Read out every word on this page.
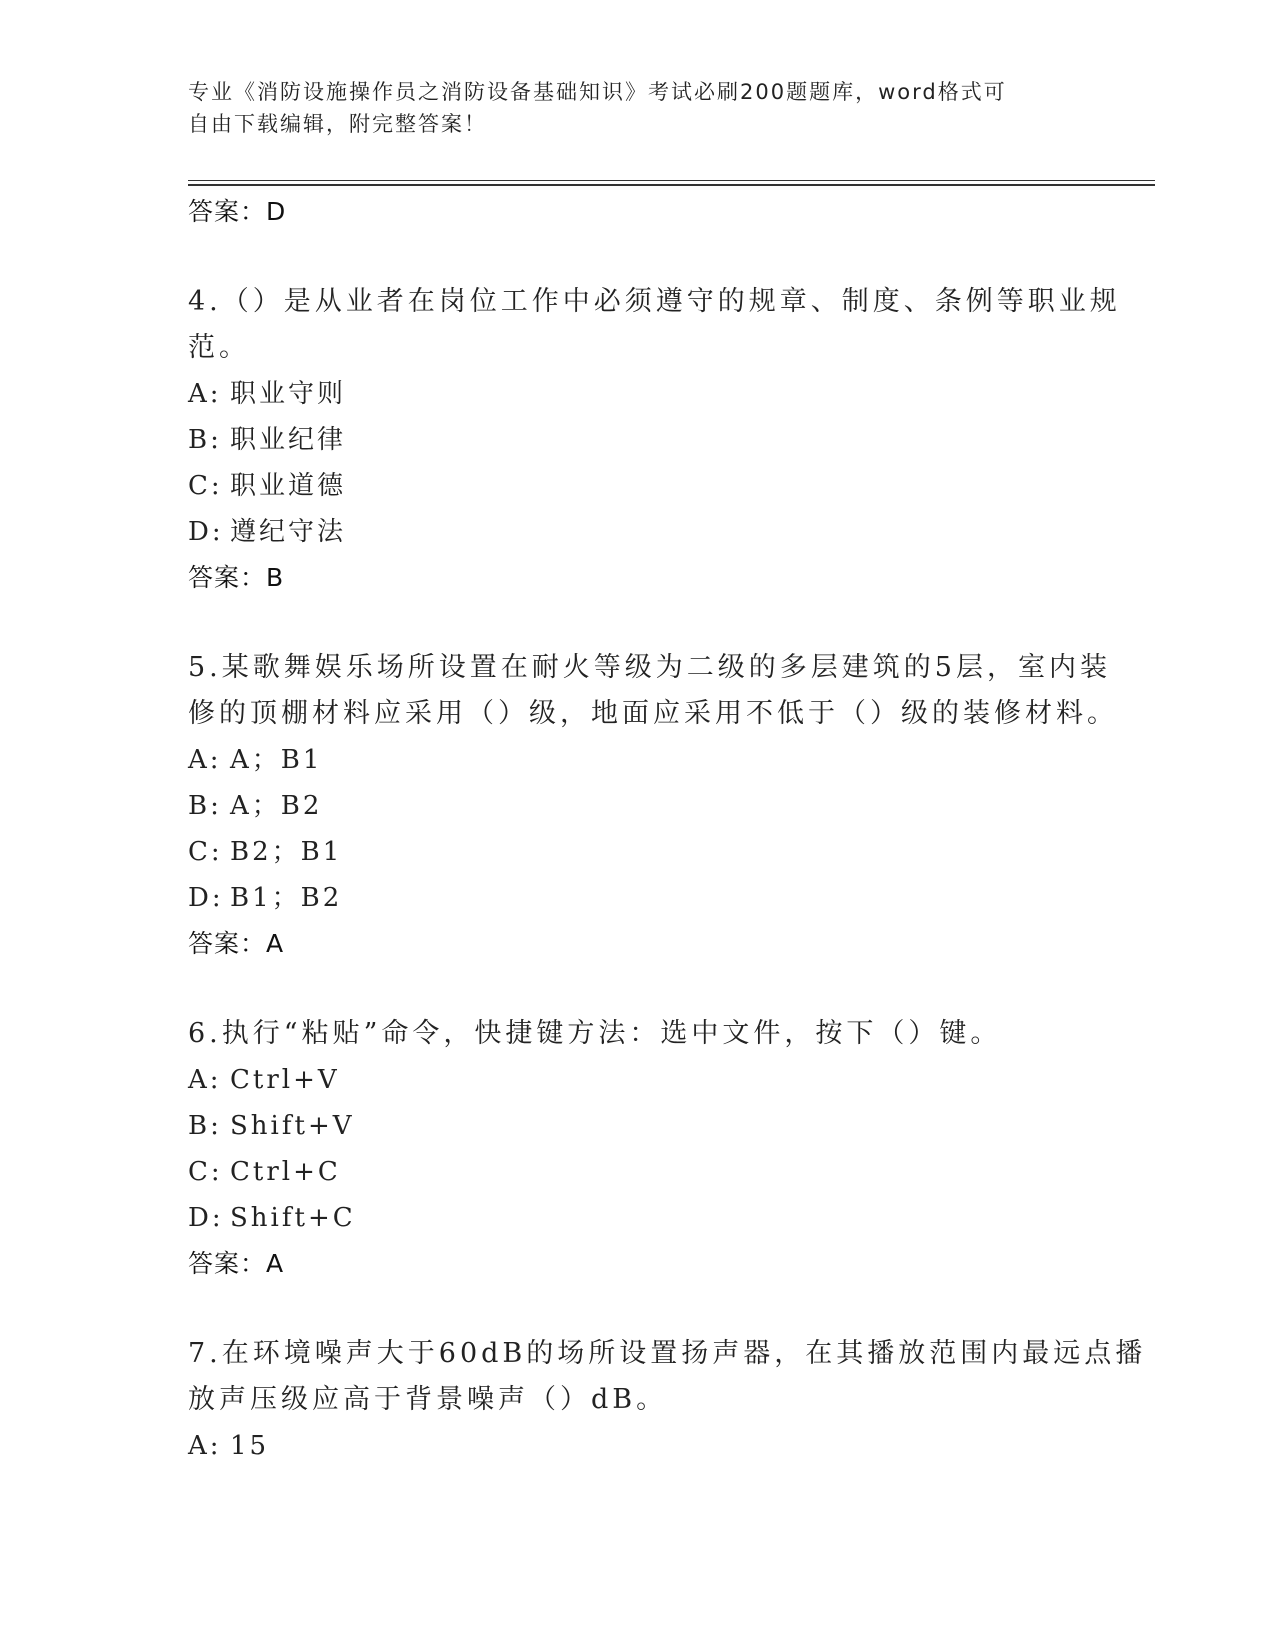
专业《消防设施操作员之消防设备基础知识》考试必刷200题题库，word格式可
自由下载编辑，附完整答案！
答案：D
4.（）是从业者在岗位工作中必须遵守的规章、制度、条例等职业规
范。
A: 职业守则
B: 职业纪律
C: 职业道德
D: 遵纪守法
答案：B
5.某歌舞娱乐场所设置在耐火等级为二级的多层建筑的5层，室内装
修的顶棚材料应采用（）级，地面应采用不低于（）级的装修材料。
A: A；B1
B: A；B2
C: B2；B1
D: B1；B2
答案：A
6.执行“粘贴”命令，快捷键方法：选中文件，按下（）键。
A: Ctrl+V
B: Shift+V
C: Ctrl+C
D: Shift+C
答案：A
7.在环境噪声大于60dB的场所设置扬声器，在其播放范围内最远点播
放声压级应高于背景噪声（）dB。
A: 15
